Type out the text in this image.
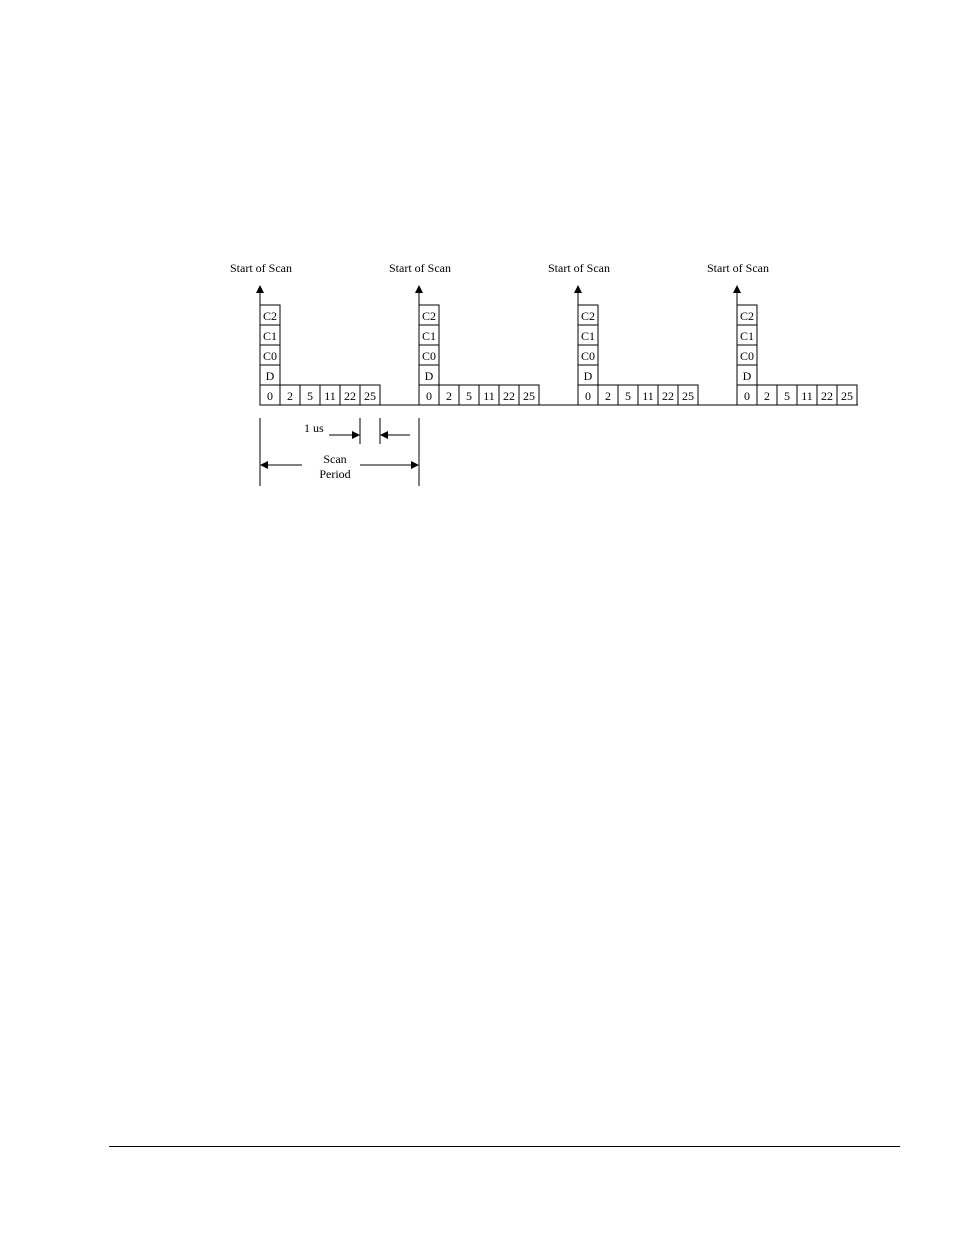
Start of Scan
C2
C1
C0
D
0 2 5 11 22 25
Start of Scan
C2
C1
C0
D
0 2 5 11 22 25
Start of Scan
C2
C1
C0
D
0 2 5 11 22 25
Start of Scan
C2
C1
C0
D
0 2 5 11 22 25
1 us
Scan
Period
